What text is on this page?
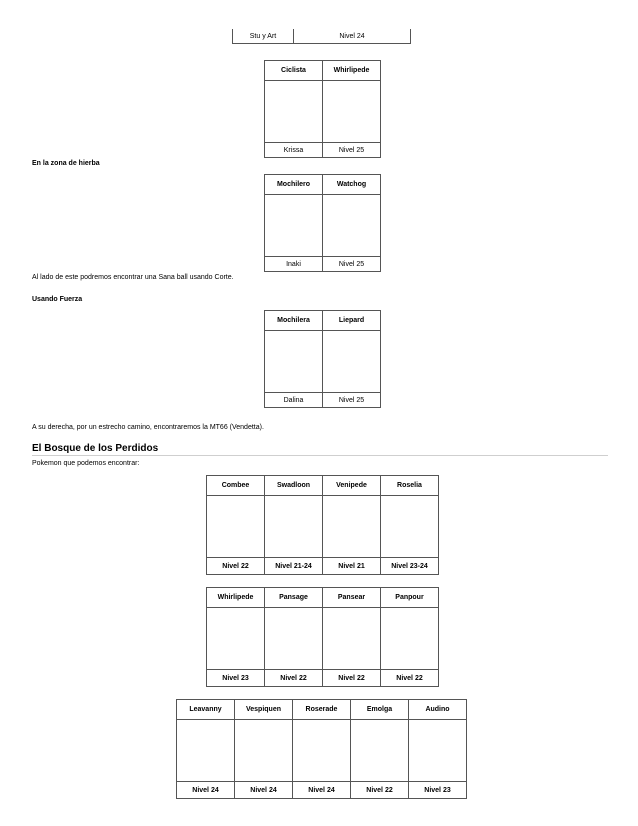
Stu y Art	Nivel 24
Ciclista	Whirlipede

Krissa	Nivel 25
En la zona de hierba
Mochilero	Watchog

Inaki	Nivel 25
Al lado de este podremos encontrar una Sana ball usando Corte.
Usando Fuerza
Mochilera	Liepard

Dalina	Nivel 25
A su derecha, por un estrecho camino, encontraremos la MT66 (Vendetta).
El Bosque de los Perdidos
Pokemon que podemos encontrar:
Combee	Swadloon	Venipede	Roselia

Nivel 22	Nivel 21-24	Nivel 21	Nivel 23-24
Whirlipede	Pansage	Pansear	Panpour

Nivel 23	Nivel 22	Nivel 22	Nivel 22
Leavanny	Vespiquen	Roserade	Emolga	Audino

Nivel 24	Nivel 24	Nivel 24	Nivel 22	Nivel 23
